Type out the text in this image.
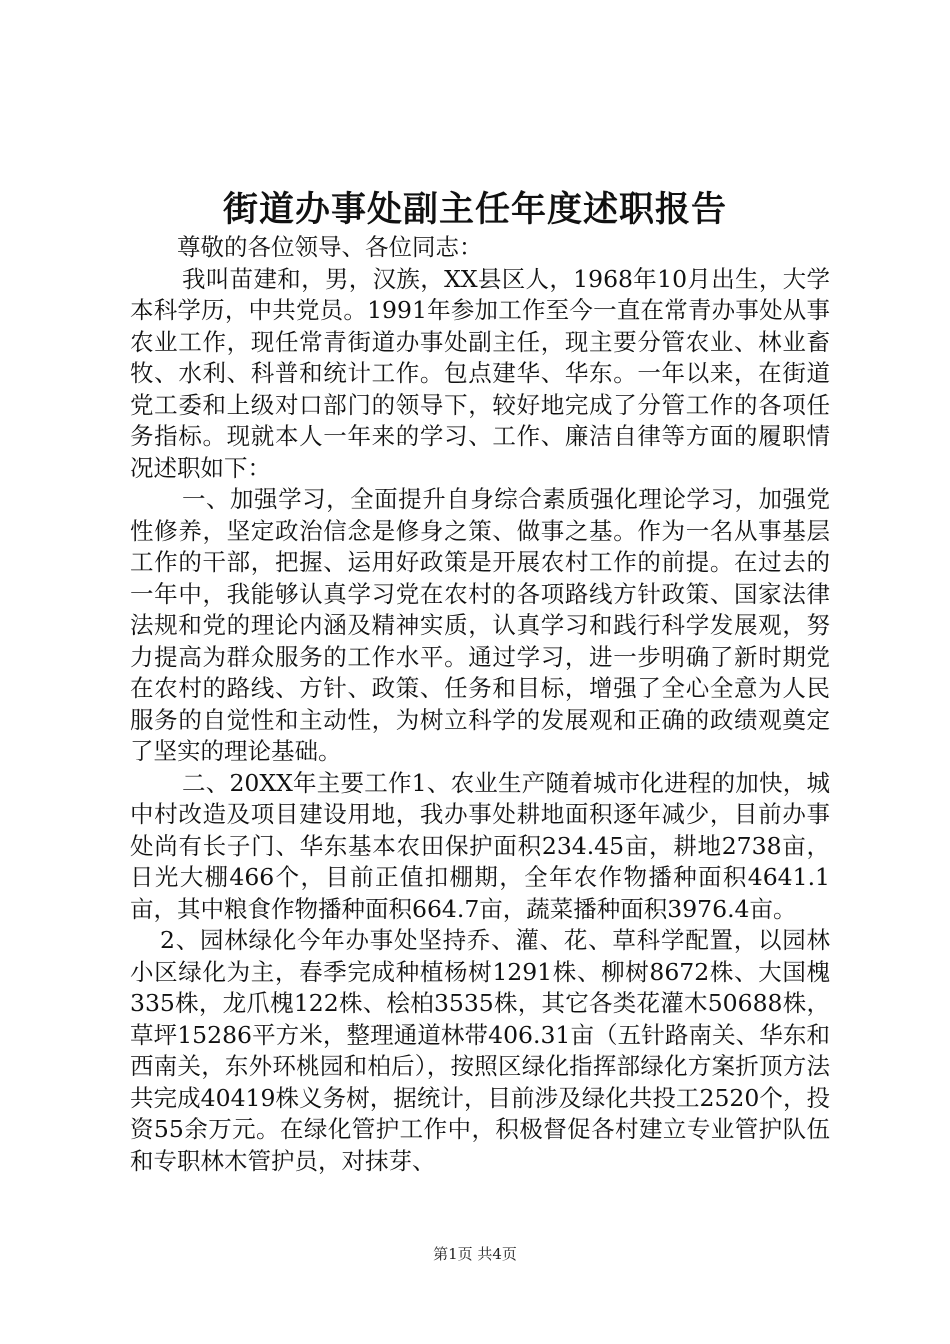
街道办事处副主任年度述职报告

尊敬的各位领导、各位同志：

我叫苗建和，男，汉族，XX县区人，1968年10月出生，大学本科学历，中共党员。1991年参加工作至今一直在常青办事处从事农业工作，现任常青街道办事处副主任，现主要分管农业、林业畜牧、水利、科普和统计工作。包点建华、华东。一年以来，在街道党工委和上级对口部门的领导下，较好地完成了分管工作的各项任务指标。现就本人一年来的学习、工作、廉洁自律等方面的履职情况述职如下：

一、加强学习，全面提升自身综合素质强化理论学习，加强党性修养，坚定政治信念是修身之策、做事之基。作为一名从事基层工作的干部，把握、运用好政策是开展农村工作的前提。在过去的一年中，我能够认真学习党在农村的各项路线方针政策、国家法律法规和党的理论内涵及精神实质，认真学习和践行科学发展观，努力提高为群众服务的工作水平。通过学习，进一步明确了新时期党在农村的路线、方针、政策、任务和目标，增强了全心全意为人民服务的自觉性和主动性，为树立科学的发展观和正确的政绩观奠定了坚实的理论基础。

二、20XX年主要工作1、农业生产随着城市化进程的加快，城中村改造及项目建设用地，我办事处耕地面积逐年减少，目前办事处尚有长子门、华东基本农田保护面积234.45亩，耕地2738亩，日光大棚466个，目前正值扣棚期，全年农作物播种面积4641.1亩，其中粮食作物播种面积664.7亩，蔬菜播种面积3976.4亩。

2、园林绿化今年办事处坚持乔、灌、花、草科学配置，以园林小区绿化为主，春季完成种植杨树1291株、柳树8672株、大国槐335株，龙爪槐122株、桧柏3535株，其它各类花灌木50688株，草坪15286平方米，整理通道林带406.31亩（五针路南关、华东和西南关，东外环桃园和柏后），按照区绿化指挥部绿化方案折顶方法共完成40419株义务树，据统计，目前涉及绿化共投工2520个，投资55余万元。在绿化管护工作中，积极督促各村建立专业管护队伍和专职林木管护员，对抹芽、

第1页 共4页
